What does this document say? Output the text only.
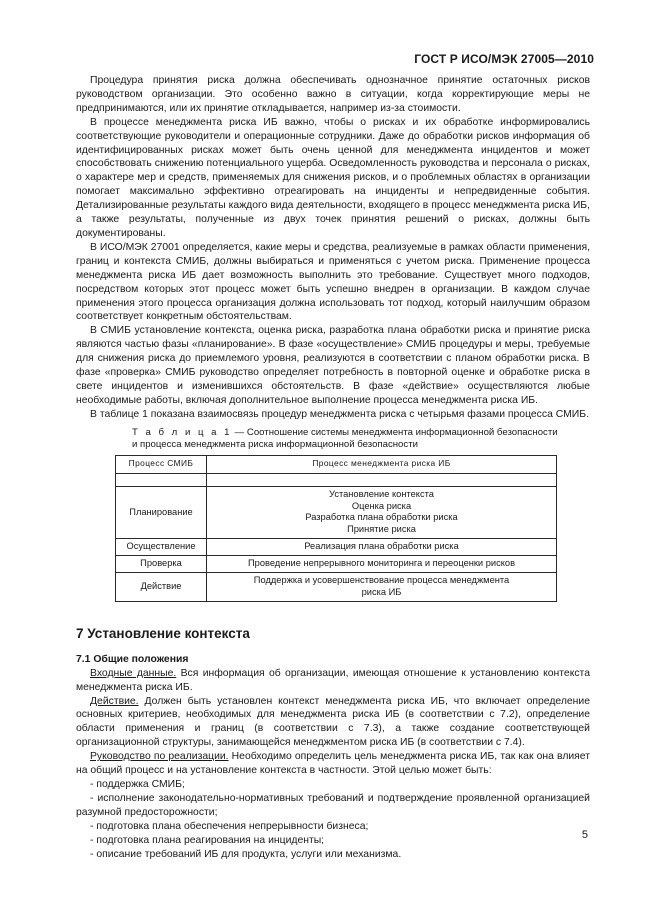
ГОСТ Р ИСО/МЭК 27005—2010

Процедура принятия риска должна обеспечивать однозначное принятие остаточных рисков руководством организации. Это особенно важно в ситуации, когда корректирующие меры не предпринимаются, или их принятие откладывается, например из-за стоимости.

В процессе менеджмента риска ИБ важно, чтобы о рисках и их обработке информировались соответствующие руководители и операционные сотрудники. Даже до обработки рисков информация об идентифицированных рисках может быть очень ценной для менеджмента инцидентов и может способствовать снижению потенциального ущерба. Осведомленность руководства и персонала о рисках, о характере мер и средств, применяемых для снижения рисков, и о проблемных областях в организации помогает максимально эффективно отреагировать на инциденты и непредвиденные события. Детализированные результаты каждого вида деятельности, входящего в процесс менеджмента риска ИБ, а также результаты, полученные из двух точек принятия решений о рисках, должны быть документированы.

В ИСО/МЭК 27001 определяется, какие меры и средства, реализуемые в рамках области применения, границ и контекста СМИБ, должны выбираться и применяться с учетом риска. Применение процесса менеджмента риска ИБ дает возможность выполнить это требование. Существует много подходов, посредством которых этот процесс может быть успешно внедрен в организации. В каждом случае применения этого процесса организация должна использовать тот подход, который наилучшим образом соответствует конкретным обстоятельствам.

В СМИБ установление контекста, оценка риска, разработка плана обработки риска и принятие риска являются частью фазы «планирование». В фазе «осуществление» СМИБ процедуры и меры, требуемые для снижения риска до приемлемого уровня, реализуются в соответствии с планом обработки риска. В фазе «проверка» СМИБ руководство определяет потребность в повторной оценке и обработке риска в свете инцидентов и изменившихся обстоятельств. В фазе «действие» осуществляются любые необходимые работы, включая дополнительное выполнение процесса менеджмента риска ИБ.

В таблице 1 показана взаимосвязь процедур менеджмента риска с четырьмя фазами процесса СМИБ.

Т а б л и ц а 1 — Соотношение системы менеджмента информационной безопасности
и процесса менеджмента риска информационной безопасности
Процесс СМИБ	Процесс менеджмента риска ИБ

Планирование	Установление контекста
Оценка риска
Разработка плана обработки риска
Принятие риска

Осуществление	Реализация плана обработки риска

Проверка	Проведение непрерывного мониторинга и переоценки рисков

Действие	Поддержка и усовершенствование процесса менеджмента
риска ИБ
7 Установление контекста

7.1 Общие положения

Входные данные. Вся информация об организации, имеющая отношение к установлению контекста менеджмента риска ИБ.

Действие. Должен быть установлен контекст менеджмента риска ИБ, что включает определение основных критериев, необходимых для менеджмента риска ИБ (в соответствии с 7.2), определение области применения и границ (в соответствии с 7.3), а также создание соответствующей организационной структуры, занимающейся менеджментом риска ИБ (в соответствии с 7.4).

Руководство по реализации. Необходимо определить цель менеджмента риска ИБ, так как она влияет на общий процесс и на установление контекста в частности. Этой целью может быть:

- поддержка СМИБ;

- исполнение законодательно-нормативных требований и подтверждение проявленной организацией разумной предосторожности;

- подготовка плана обеспечения непрерывности бизнеса;

- подготовка плана реагирования на инциденты;

- описание требований ИБ для продукта, услуги или механизма.

5
